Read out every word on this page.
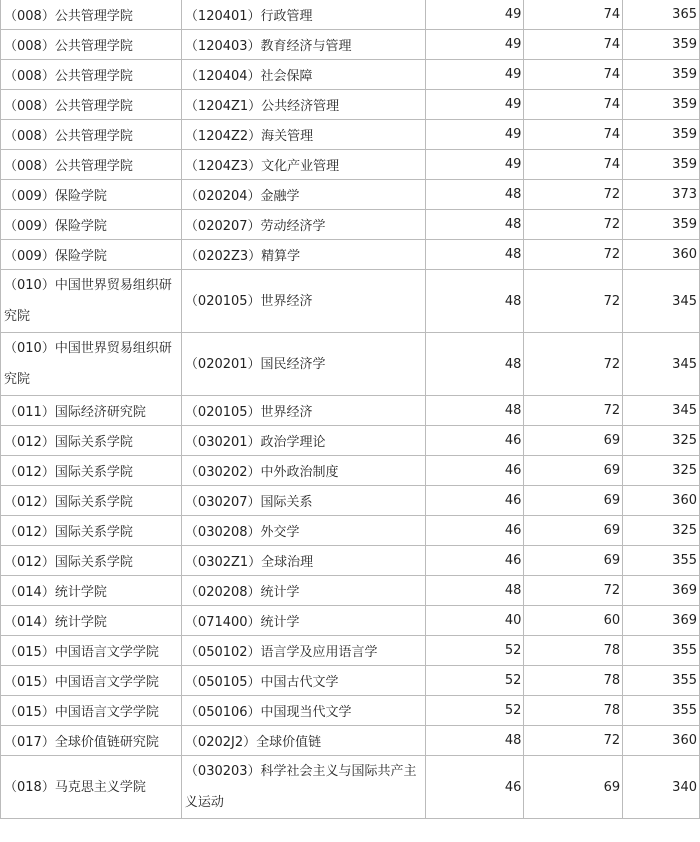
（008）公共管理学院	（120401）行政管理	49	74	365
（008）公共管理学院	（120403）教育经济与管理	49	74	359
（008）公共管理学院	（120404）社会保障	49	74	359
（008）公共管理学院	（1204Z1）公共经济管理	49	74	359
（008）公共管理学院	（1204Z2）海关管理	49	74	359
（008）公共管理学院	（1204Z3）文化产业管理	49	74	359
（009）保险学院	（020204）金融学	48	72	373
（009）保险学院	（020207）劳动经济学	48	72	359
（009）保险学院	（0202Z3）精算学	48	72	360
（010）中国世界贸易组织研究院	（020105）世界经济	48	72	345
（010）中国世界贸易组织研究院	（020201）国民经济学	48	72	345
（011）国际经济研究院	（020105）世界经济	48	72	345
（012）国际关系学院	（030201）政治学理论	46	69	325
（012）国际关系学院	（030202）中外政治制度	46	69	325
（012）国际关系学院	（030207）国际关系	46	69	360
（012）国际关系学院	（030208）外交学	46	69	325
（012）国际关系学院	（0302Z1）全球治理	46	69	355
（014）统计学院	（020208）统计学	48	72	369
（014）统计学院	（071400）统计学	40	60	369
（015）中国语言文学学院	（050102）语言学及应用语言学	52	78	355
（015）中国语言文学学院	（050105）中国古代文学	52	78	355
（015）中国语言文学学院	（050106）中国现当代文学	52	78	355
（017）全球价值链研究院	（0202J2）全球价值链	48	72	360
（018）马克思主义学院	（030203）科学社会主义与国际共产主义运动	46	69	340
